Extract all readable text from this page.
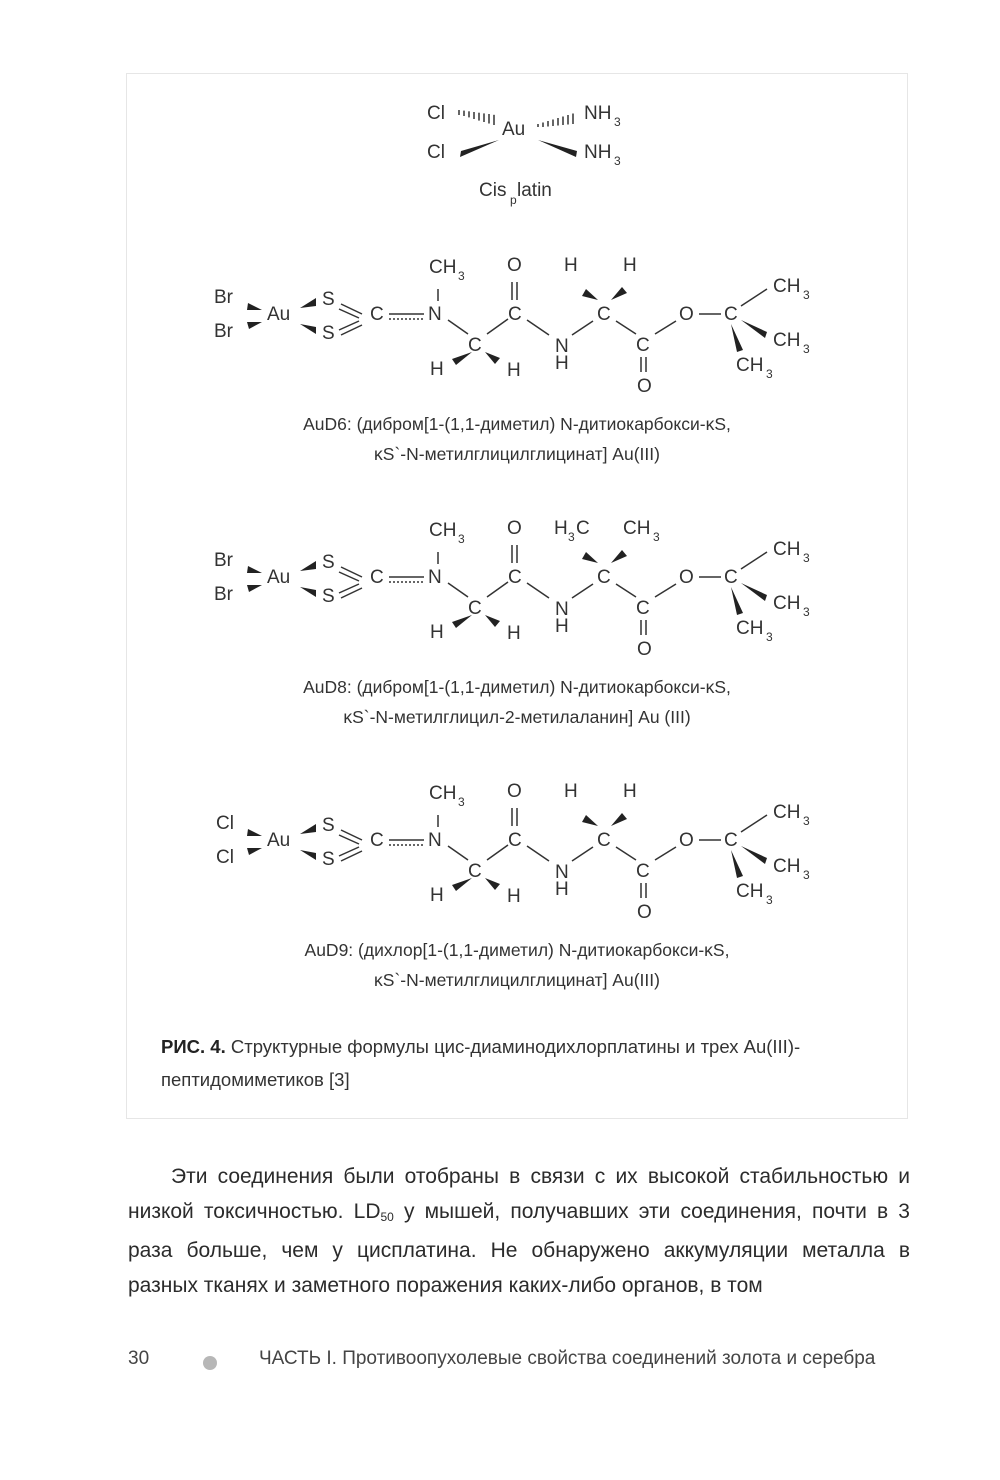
Cl
Cl
Au
NH 3
NH 3
Cis p latin
Br
Br
Au
S
S
C N
CH 3
C
H	H
C
O
N
H
C
H H
C
O
O C
CH 3
CH 3
CH 3
Br
Br
Au
S
S
C N
CH 3
C
H	H
C
O
N
H
C
H 3 C CH 3
C
O
O C
CH 3
CH 3
CH 3
Cl
Cl
Au
S
S
C N
CH 3
C
H	H
C
O
N
H
C
H H
C
O
O C
CH 3
CH 3
CH 3
AuD6: (дибром[1-(1,1-диметил) N-дитиокарбокси-κS,
κS`-N-метилглицилглицинат] Au(III)
AuD8: (дибром[1-(1,1-диметил) N-дитиокарбокси-κS,
κS`-N-метилглицил-2-метилаланин] Au (III)
AuD9: (дихлор[1-(1,1-диметил) N-дитиокарбокси-κS,
κS`-N-метилглицилглицинат] Au(III)
РИС. 4. Структурные формулы цис-диаминодихлорплатины и трех Au(III)-пептидомиметиков [3]
Эти соединения были отобраны в связи с их высокой стабильностью и низкой токсичностью. $LD_{50}$ у мышей, получавших эти соединения, почти в 3 раза больше, чем у цисплатина. Не обнаружено аккумуляции металла в разных тканях и заметного поражения каких-либо органов, в том
30	ЧАСТЬ I. Противоопухолевые свойства соединений золота и серебра
